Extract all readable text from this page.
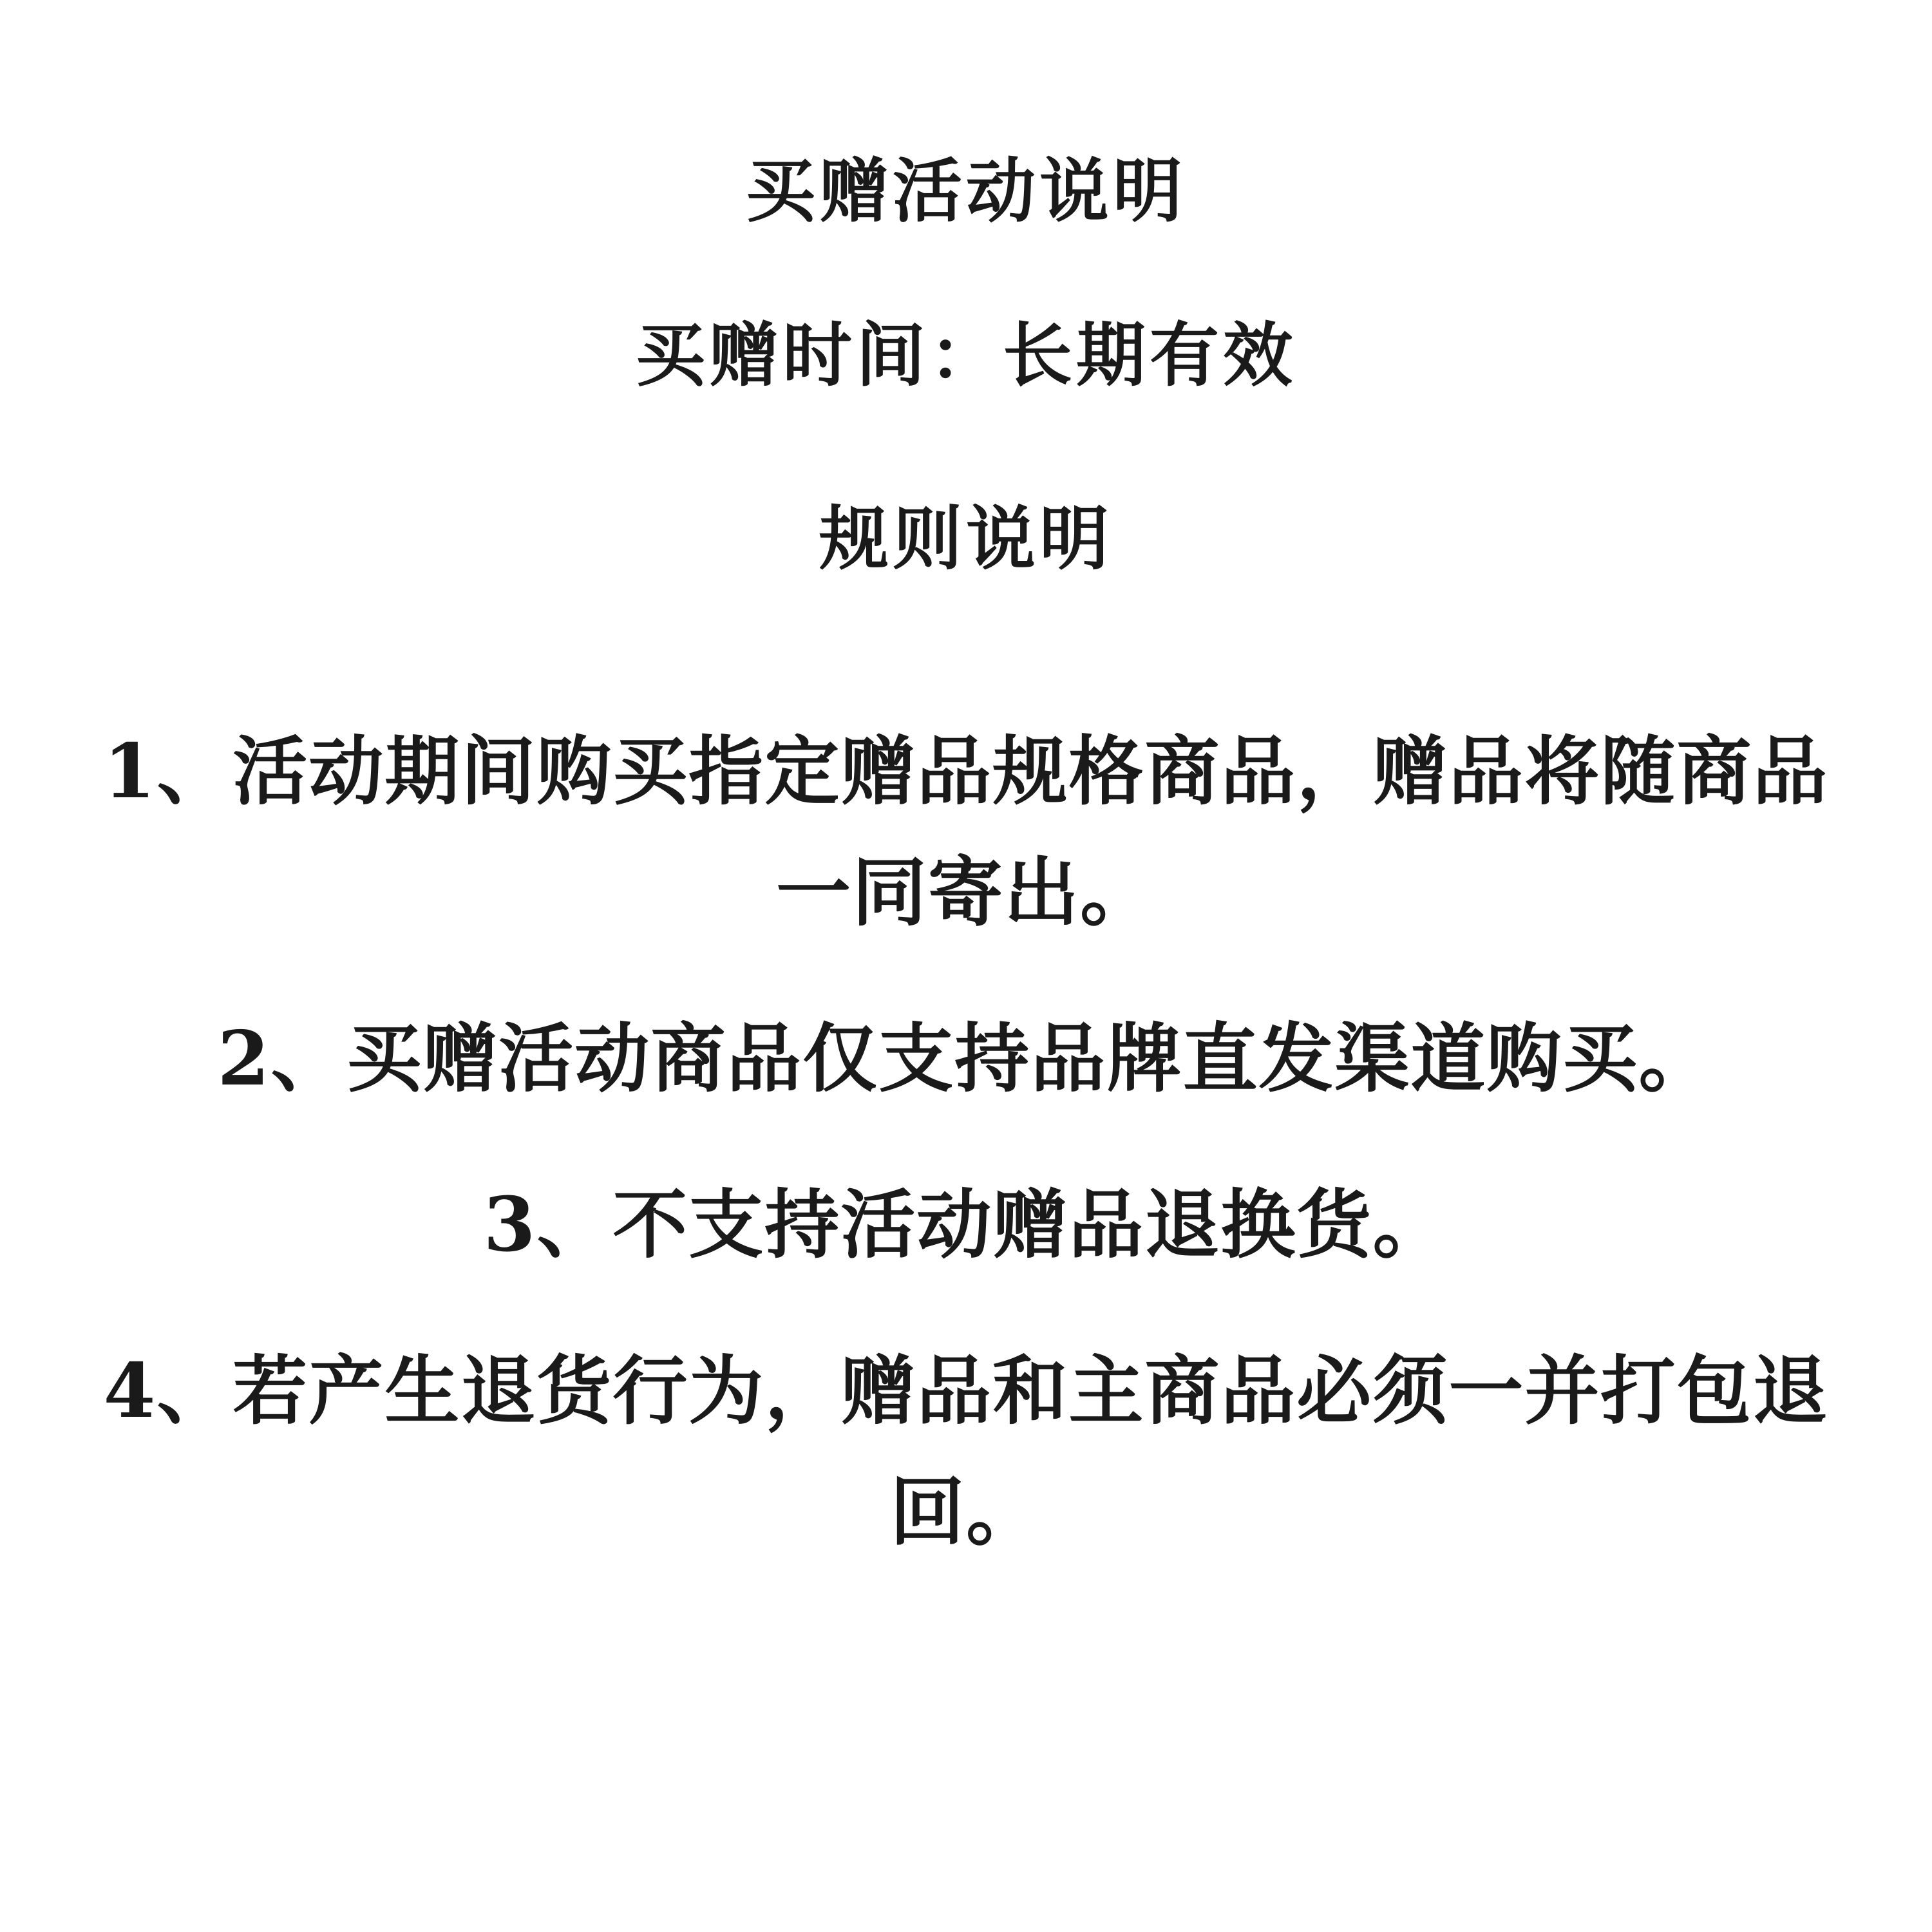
买赠活动说明
买赠时间：长期有效
规则说明
1、活动期间购买指定赠品规格商品，赠品将随商品一同寄出。
2、买赠活动商品仅支持品牌直发渠道购买。
3、不支持活动赠品退换货。
4、若产生退货行为，赠品和主商品必须一并打包退回。
